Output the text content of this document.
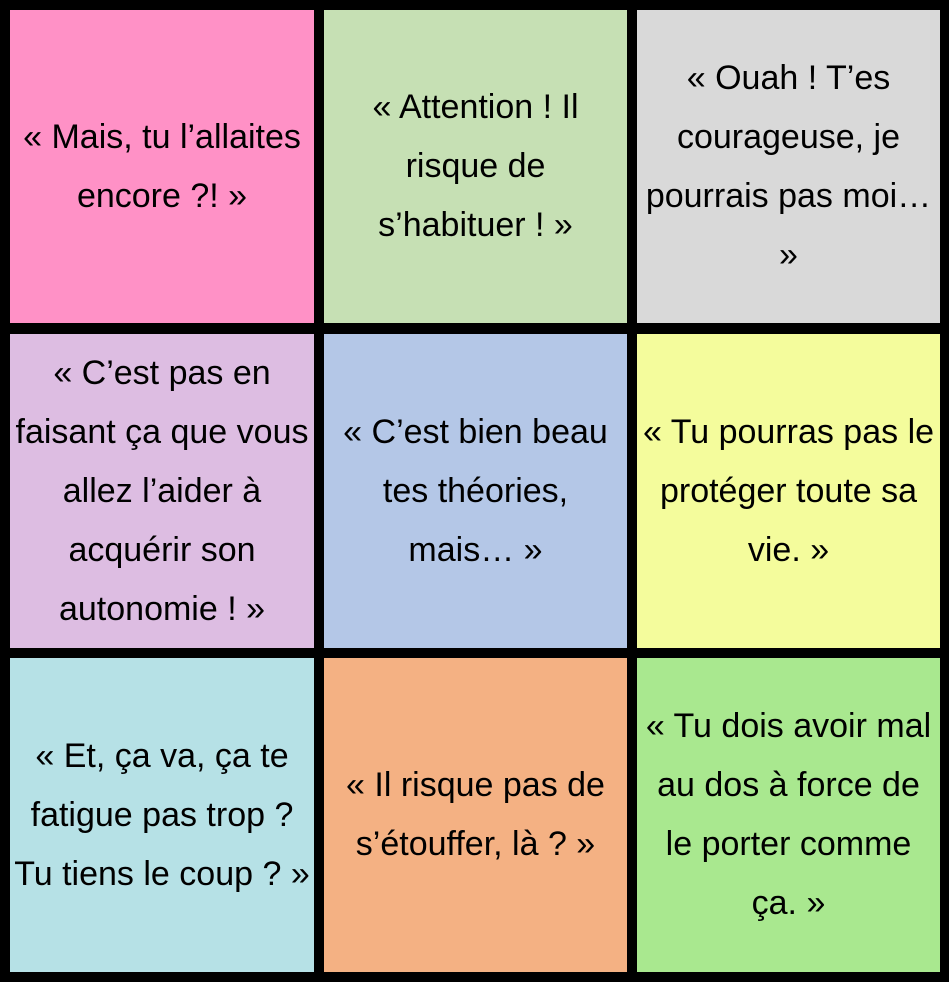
« Mais, tu l’allaites encore ?! »
« Attention ! Il risque de s’habituer ! »
« Ouah ! T’es courageuse, je pourrais pas moi… »
« C’est pas en faisant ça que vous allez l’aider à acquérir son autonomie ! »
« C’est bien beau tes théories, mais… »
« Tu pourras pas le protéger toute sa vie. »
« Et, ça va, ça te fatigue pas trop ? Tu tiens le coup ? »
« Il risque pas de s’étouffer, là ? »
« Tu dois avoir mal au dos à force de le porter comme ça. »
